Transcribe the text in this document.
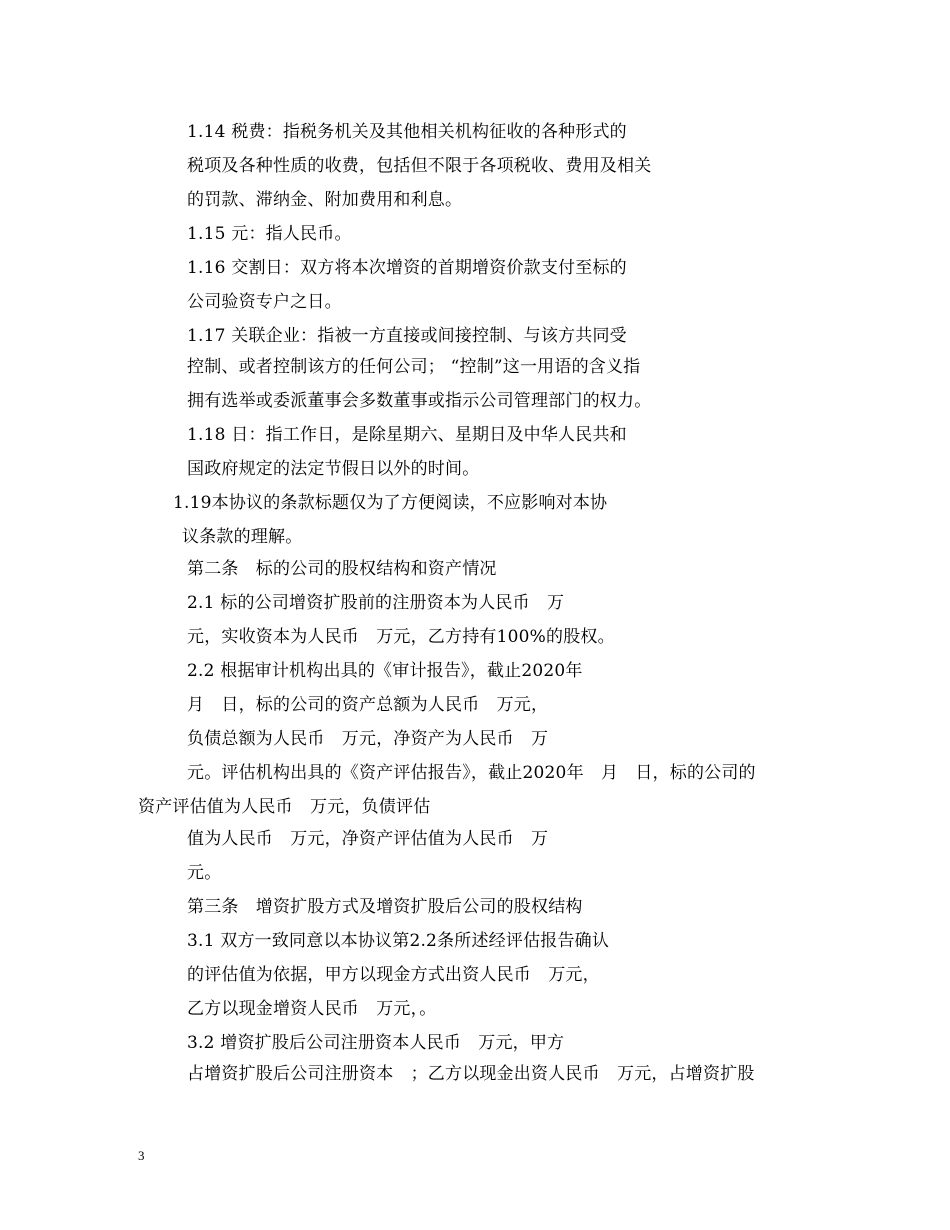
1.14 税费：指税务机关及其他相关机构征收的各种形式的
税项及各种性质的收费，包括但不限于各项税收、费用及相关
的罚款、滞纳金、附加费用和利息。
1.15 元：指人民币。
1.16 交割日：双方将本次增资的首期增资价款支付至标的
公司验资专户之日。
1.17 关联企业：指被一方直接或间接控制、与该方共同受
控制、或者控制该方的任何公司； “控制”这一用语的含义指
拥有选举或委派董事会多数董事或指示公司管理部门的权力。
1.18 日：指工作日，是除星期六、星期日及中华人民共和
国政府规定的法定节假日以外的时间。
1.19本协议的条款标题仅为了方便阅读，不应影响对本协
议条款的理解。
第二条　标的公司的股权结构和资产情况
2.1 标的公司增资扩股前的注册资本为人民币　万
元，实收资本为人民币　万元，乙方持有100%的股权。
2.2 根据审计机构出具的《审计报告》，截止2020年
月　日，标的公司的资产总额为人民币　万元，
负债总额为人民币　万元，净资产为人民币　万
元。评估机构出具的《资产评估报告》，截止2020年　月　日，标的公司的
资产评估值为人民币　万元，负债评估
值为人民币　万元，净资产评估值为人民币　万
元。
第三条　增资扩股方式及增资扩股后公司的股权结构
3.1 双方一致同意以本协议第2.2条所述经评估报告确认
的评估值为依据，甲方以现金方式出资人民币　万元，
乙方以现金增资人民币　万元，。
3.2 增资扩股后公司注册资本人民币　万元，甲方
占增资扩股后公司注册资本　；乙方以现金出资人民币　万元，占增资扩股
3
